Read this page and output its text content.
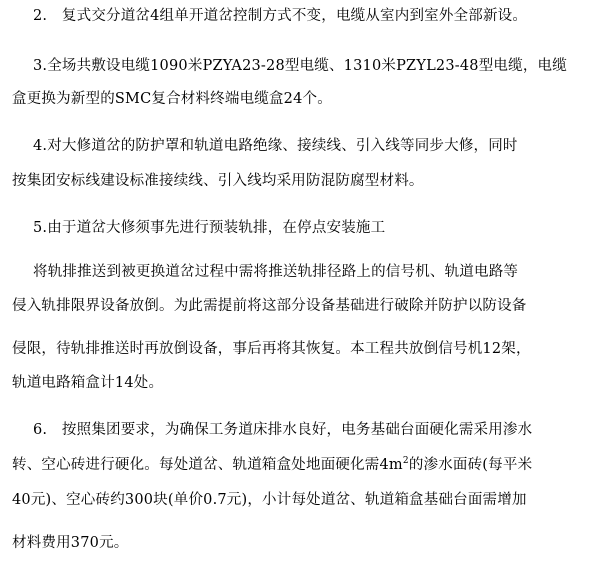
2.　复式交分道岔4组单开道岔控制方式不变，电缆从室内到室外全部新设。
3.全场共敷设电缆1090米PZYA23-28型电缆、1310米PZYL23-48型电缆，电缆
盒更换为新型的SMC复合材料终端电缆盒24个。
4.对大修道岔的防护罩和轨道电路绝缘、接续线、引入线等同步大修，同时
按集团安标线建设标准接续线、引入线均采用防混防腐型材料。
5.由于道岔大修须事先进行预装轨排，在停点安装施工
将轨排推送到被更换道岔过程中需将推送轨排径路上的信号机、轨道电路等
侵入轨排限界设备放倒。为此需提前将这部分设备基础进行破除并防护以防设备
侵限，待轨排推送时再放倒设备，事后再将其恢复。本工程共放倒信号机12架，
轨道电路箱盒计14处。
6.　按照集团要求，为确保工务道床排水良好，电务基础台面硬化需采用渗水
转、空心砖进行硬化。每处道岔、轨道箱盒处地面硬化需$4m^2$的渗水面砖(每平米
40元)、空心砖约300块(单价0.7元)，小计每处道岔、轨道箱盒基础台面需增加
材料费用370元。
